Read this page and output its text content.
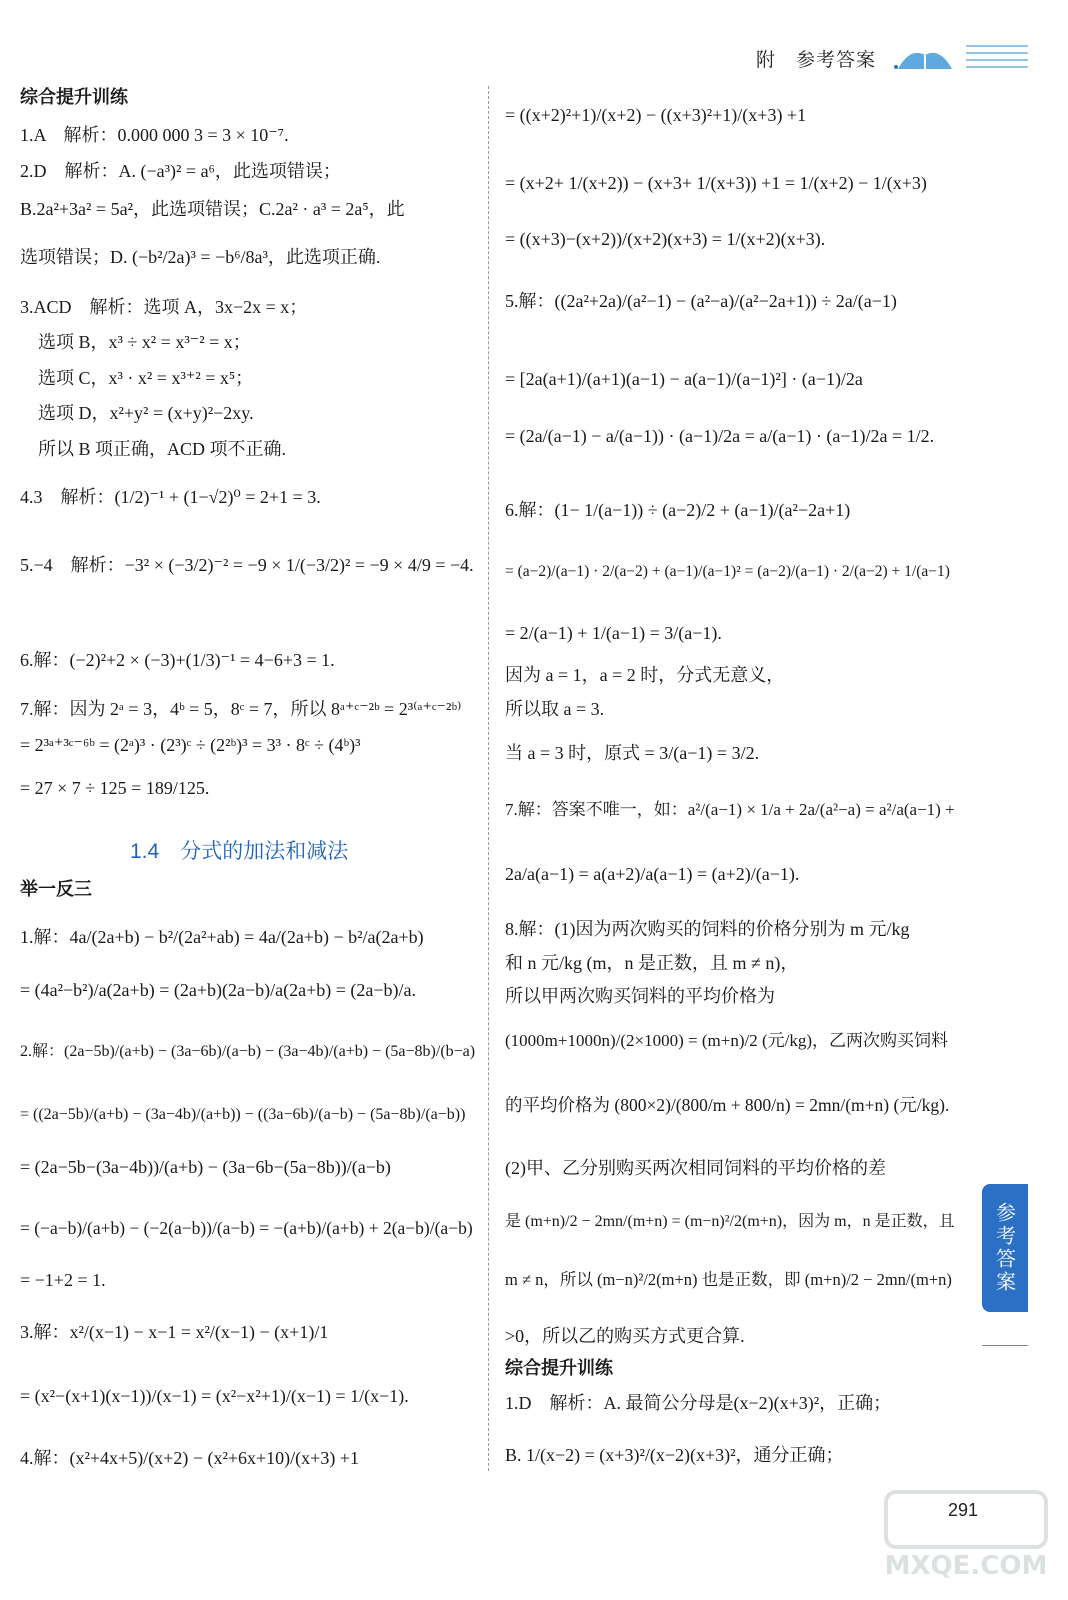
附　参考答案
综合提升训练
1.A　解析：0.000 000 3 = 3 × 10⁻⁷.
2.D　解析：A. (−a³)² = a⁶，此选项错误；
B.2a²+3a² = 5a²，此选项错误；C.2a² · a³ = 2a⁵，此
选项错误；D. (−b²/2a)³ = −b⁶/8a³，此选项正确.
3.ACD　解析：选项 A，3x−2x = x；
　选项 B，x³ ÷ x² = x³⁻² = x；
　选项 C，x³ · x² = x³⁺² = x⁵；
　选项 D，x²+y² = (x+y)²−2xy.
　所以 B 项正确，ACD 项不正确.
4.3　解析：(1/2)⁻¹ + (1−√2)⁰ = 2+1 = 3.
5.−4　解析：−3² × (−3/2)⁻² = −9 × 1/(−3/2)² = −9 × 4/9 = −4.
6.解：(−2)²+2 × (−3)+(1/3)⁻¹ = 4−6+3 = 1.
7.解：因为 2ᵃ = 3，4ᵇ = 5，8ᶜ = 7，所以 8ᵃ⁺ᶜ⁻²ᵇ = 2³⁽ᵃ⁺ᶜ⁻²ᵇ⁾
= 2³ᵃ⁺³ᶜ⁻⁶ᵇ = (2ᵃ)³ · (2³)ᶜ ÷ (2²ᵇ)³ = 3³ · 8ᶜ ÷ (4ᵇ)³
= 27 × 7 ÷ 125 = 189/125.
1.4　分式的加法和减法
举一反三
1.解：4a/(2a+b) − b²/(2a²+ab) = 4a/(2a+b) − b²/a(2a+b)
= (4a²−b²)/a(2a+b) = (2a+b)(2a−b)/a(2a+b) = (2a−b)/a.
2.解：(2a−5b)/(a+b) − (3a−6b)/(a−b) − (3a−4b)/(a+b) − (5a−8b)/(b−a)
= ((2a−5b)/(a+b) − (3a−4b)/(a+b)) − ((3a−6b)/(a−b) − (5a−8b)/(a−b))
= (2a−5b−(3a−4b))/(a+b) − (3a−6b−(5a−8b))/(a−b)
= (−a−b)/(a+b) − (−2(a−b))/(a−b) = −(a+b)/(a+b) + 2(a−b)/(a−b)
= −1+2 = 1.
3.解：x²/(x−1) − x−1 = x²/(x−1) − (x+1)/1
= (x²−(x+1)(x−1))/(x−1) = (x²−x²+1)/(x−1) = 1/(x−1).
4.解：(x²+4x+5)/(x+2) − (x²+6x+10)/(x+3) +1
= ((x+2)²+1)/(x+2) − ((x+3)²+1)/(x+3) +1
= (x+2+ 1/(x+2)) − (x+3+ 1/(x+3)) +1 = 1/(x+2) − 1/(x+3)
= ((x+3)−(x+2))/(x+2)(x+3) = 1/(x+2)(x+3).
5.解：((2a²+2a)/(a²−1) − (a²−a)/(a²−2a+1)) ÷ 2a/(a−1)
= [2a(a+1)/(a+1)(a−1) − a(a−1)/(a−1)²] · (a−1)/2a
= (2a/(a−1) − a/(a−1)) · (a−1)/2a = a/(a−1) · (a−1)/2a = 1/2.
6.解：(1− 1/(a−1)) ÷ (a−2)/2 + (a−1)/(a²−2a+1)
= (a−2)/(a−1) · 2/(a−2) + (a−1)/(a−1)² = (a−2)/(a−1) · 2/(a−2) + 1/(a−1)
= 2/(a−1) + 1/(a−1) = 3/(a−1).
因为 a = 1，a = 2 时，分式无意义，
所以取 a = 3.
当 a = 3 时，原式 = 3/(a−1) = 3/2.
7.解：答案不唯一，如：a²/(a−1) × 1/a + 2a/(a²−a) = a²/a(a−1) +
2a/a(a−1) = a(a+2)/a(a−1) = (a+2)/(a−1).
8.解：(1)因为两次购买的饲料的价格分别为 m 元/kg
和 n 元/kg (m，n 是正数，且 m ≠ n)，
所以甲两次购买饲料的平均价格为
(1000m+1000n)/(2×1000) = (m+n)/2 (元/kg)，乙两次购买饲料
的平均价格为 (800×2)/(800/m + 800/n) = 2mn/(m+n) (元/kg).
(2)甲、乙分别购买两次相同饲料的平均价格的差
是 (m+n)/2 − 2mn/(m+n) = (m−n)²/2(m+n)，因为 m，n 是正数，且
m ≠ n，所以 (m−n)²/2(m+n) 也是正数，即 (m+n)/2 − 2mn/(m+n)
>0，所以乙的购买方式更合算.
综合提升训练
1.D　解析：A. 最简公分母是(x−2)(x+3)²，正确；
B. 1/(x−2) = (x+3)²/(x−2)(x+3)²，通分正确；
参考答案
291
MXQE.COM
